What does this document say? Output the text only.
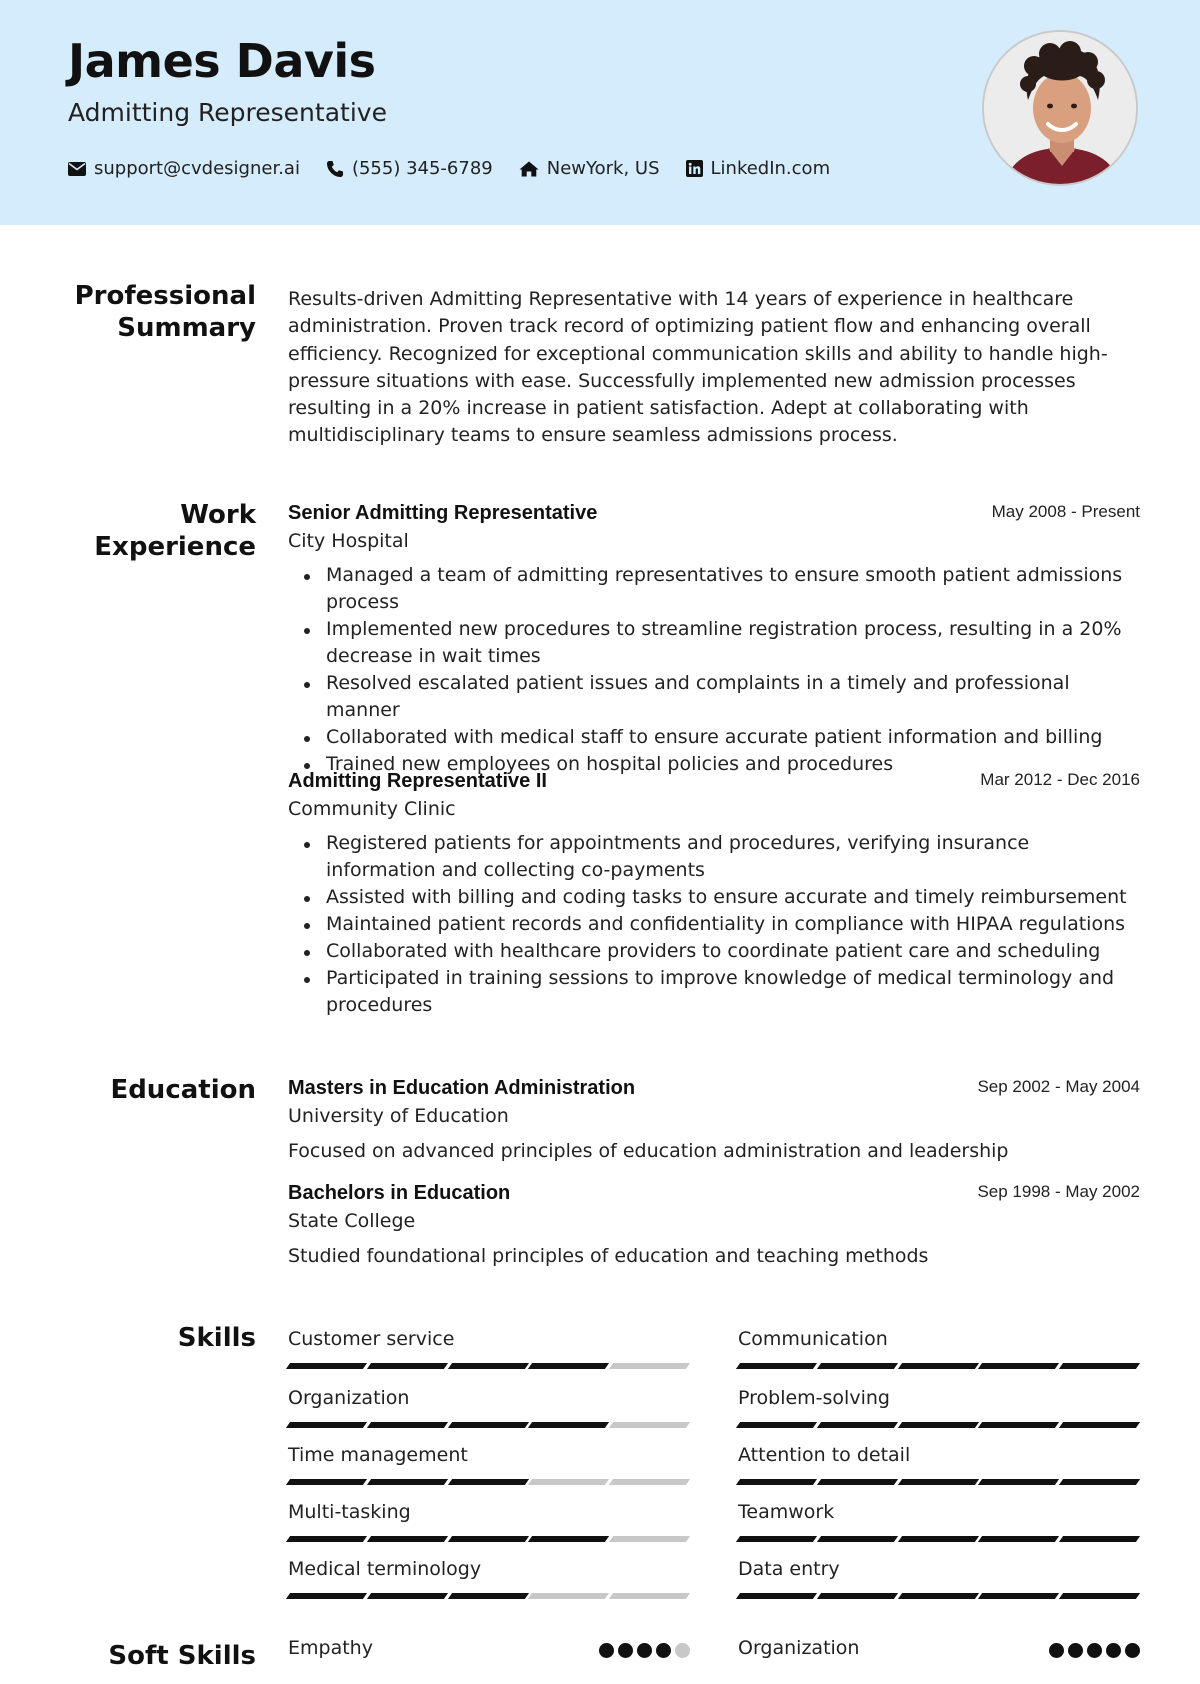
James Davis
Admitting Representative
support@cvdesigner.ai	(555) 345-6789	NewYork, US	LinkedIn.com
Professional
Summary
Results-driven Admitting Representative with 14 years of experience in healthcare administration. Proven track record of optimizing patient flow and enhancing overall efficiency. Recognized for exceptional communication skills and ability to handle high-pressure situations with ease. Successfully implemented new admission processes resulting in a 20% increase in patient satisfaction. Adept at collaborating with multidisciplinary teams to ensure seamless admissions process.
Work
Experience
Senior Admitting Representative	May 2008 - Present
City Hospital
Managed a team of admitting representatives to ensure smooth patient admissions process
Implemented new procedures to streamline registration process, resulting in a 20% decrease in wait times
Resolved escalated patient issues and complaints in a timely and professional manner
Collaborated with medical staff to ensure accurate patient information and billing
Trained new employees on hospital policies and procedures
Admitting Representative II	Mar 2012 - Dec 2016
Community Clinic
Registered patients for appointments and procedures, verifying insurance information and collecting co-payments
Assisted with billing and coding tasks to ensure accurate and timely reimbursement
Maintained patient records and confidentiality in compliance with HIPAA regulations
Collaborated with healthcare providers to coordinate patient care and scheduling
Participated in training sessions to improve knowledge of medical terminology and procedures
Education Masters in Education Administration	Sep 2002 - May 2004
University of Education
Focused on advanced principles of education administration and leadership
Bachelors in Education	Sep 1998 - May 2002
State College
Studied foundational principles of education and teaching methods
Skills Customer service	Communication
Organization	Problem-solving
Time management	Attention to detail
Multi-tasking	Teamwork
Medical terminology	Data entry
Soft Skills Empathy	Organization
